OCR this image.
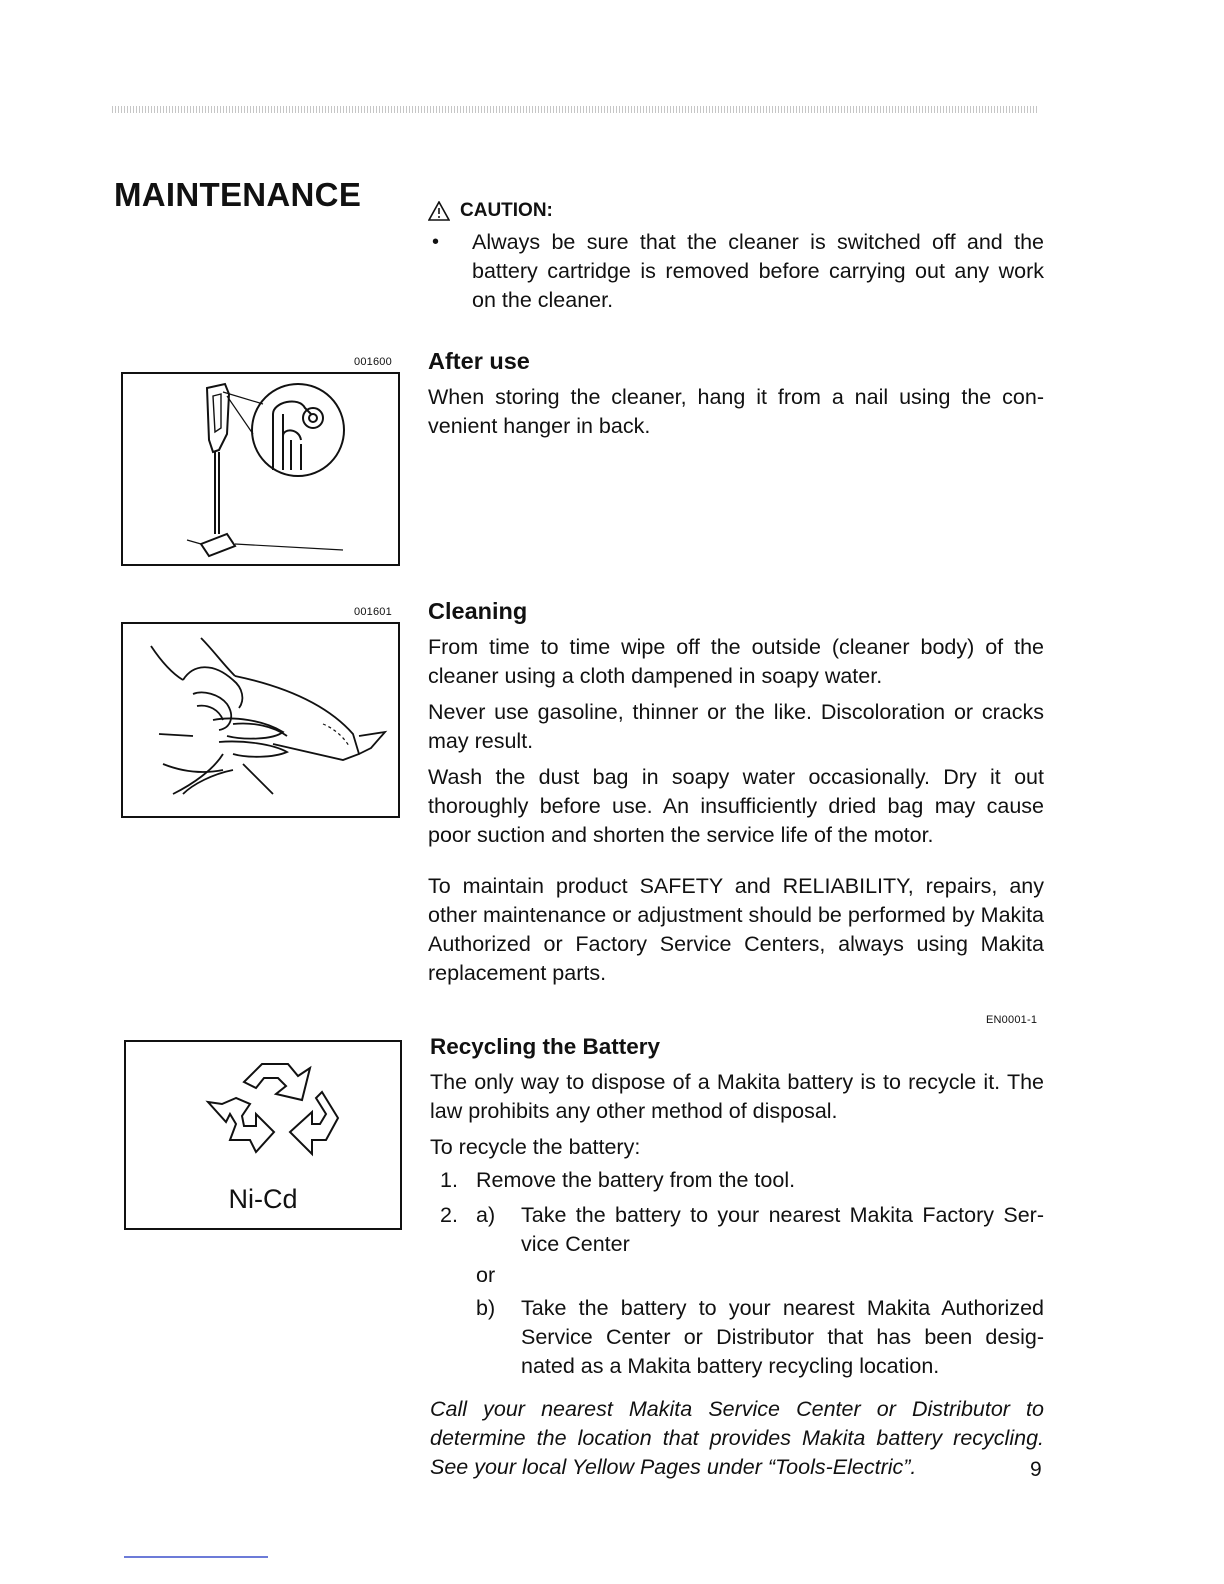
MAINTENANCE	CAUTION:
•	Always be sure that the cleaner is switched off and the battery cartridge is removed before carrying out any work on the cleaner.

001600 After use

When storing the cleaner, hang it from a nail using the con- venient hanger in back.

001601 Cleaning

From time to time wipe off the outside (cleaner body) of the cleaner using a cloth dampened in soapy water.

Never use gasoline, thinner or the like. Discoloration or cracks may result.

Wash the dust bag in soapy water occasionally. Dry it out thoroughly before use. An insufficiently dried bag may cause poor suction and shorten the service life of the motor.

To maintain product SAFETY and RELIABILITY, repairs, any other maintenance or adjustment should be performed by Makita Authorized or Factory Service Centers, always using Makita replacement parts.

EN0001-1
Ni-Cd
Recycling the Battery

The only way to dispose of a Makita battery is to recycle it. The law prohibits any other method of disposal.

To recycle the battery:

1. Remove the battery from the tool.
2. a)	Take the battery to your nearest Makita Factory Ser- vice Center
or
b)	Take the battery to your nearest Makita Authorized Service Center or Distributor that has been desig- nated as a Makita battery recycling location.

Call your nearest Makita Service Center or Distributor to determine the location that provides Makita battery recycling. See your local Yellow Pages under “Tools-Electric”.	9
